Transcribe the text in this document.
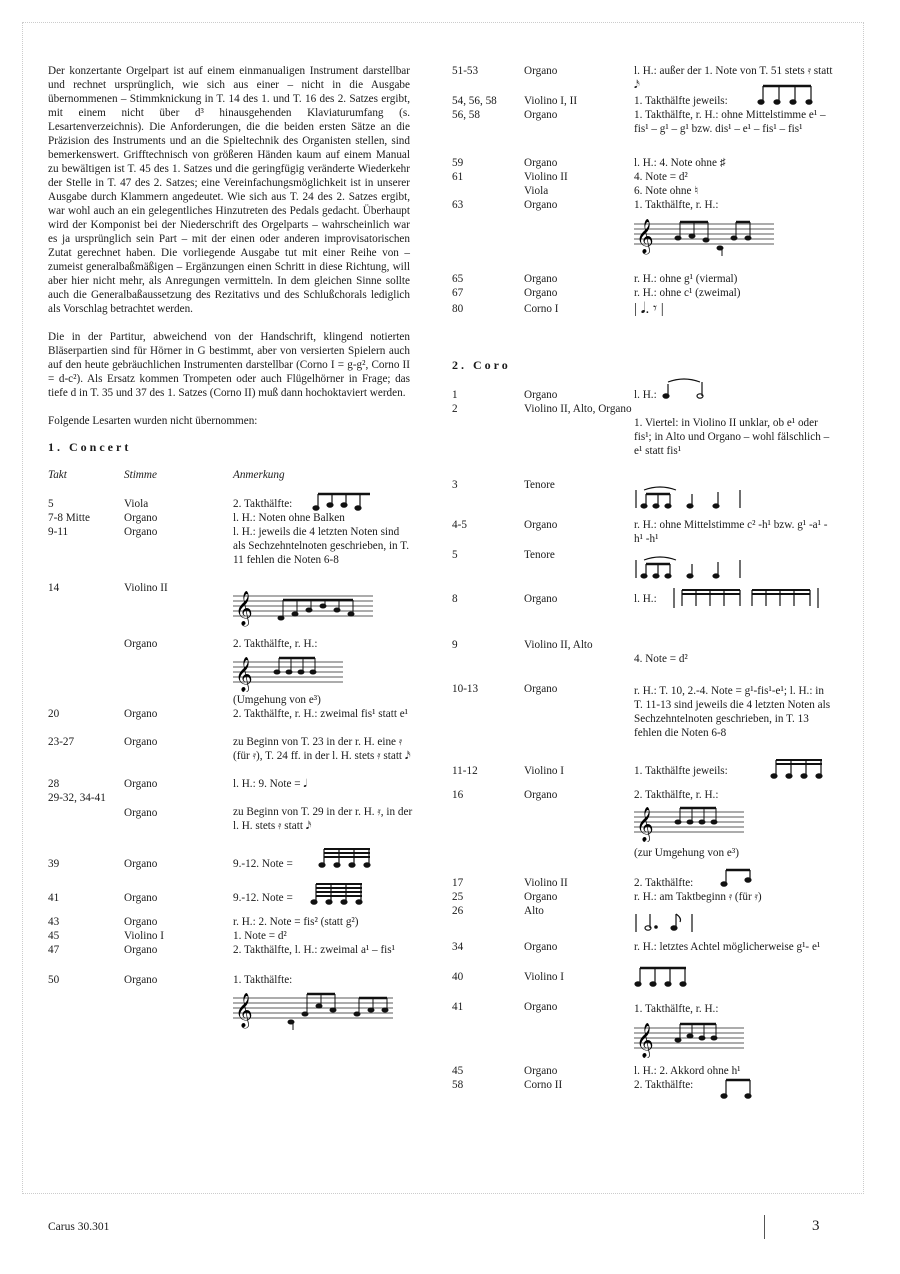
Der konzertante Orgelpart ist auf einem einmanualigen Instrument darstellbar und rechnet ursprünglich, wie sich aus einer – nicht in die Ausgabe übernommenen – Stimmknickung in T. 14 des 1. und T. 16 des 2. Satzes ergibt, mit einem nicht über d³ hinausgehenden Klaviaturumfang (s. Lesartenverzeichnis). Die Anforderungen, die die beiden ersten Sätze an die Präzision des Instruments und an die Spieltechnik des Organisten stellen, sind bemerkenswert. Grifftechnisch von größeren Händen kaum auf einem Manual zu bewältigen ist T. 45 des 1. Satzes und die geringfügig veränderte Wiederkehr der Stelle in T. 47 des 2. Satzes; eine Vereinfachungsmöglichkeit ist in unserer Ausgabe durch Klammern angedeutet. Wie sich aus T. 24 des 2. Satzes ergibt, war wohl auch an ein gelegentliches Hinzutreten des Pedals gedacht. Überhaupt wird der Komponist bei der Niederschrift des Orgelparts – wahrscheinlich war es ja ursprünglich sein Part – mit der einen oder anderen improvisatorischen Zutat gerechnet haben. Die vorliegende Ausgabe tut mit einer Reihe von – zumeist generalbaßmäßigen – Ergänzungen einen Schritt in diese Richtung, will aber hier nicht mehr, als Anregungen vermitteln. In dem gleichen Sinne sollte auch die Generalbaßaussetzung des Rezitativs und des Schlußchorals lediglich als Vorschlag betrachtet werden.

Die in der Partitur, abweichend von der Handschrift, klingend notierten Bläserpartien sind für Hörner in G bestimmt, aber von versierten Spielern auch auf den heute gebräuchlichen Instrumenten darstellbar (Corno I = g-g², Corno II = d-c²). Als Ersatz kommen Trompeten oder auch Flügelhörner in Frage; das tiefe d in T. 35 und 37 des 1. Satzes (Corno II) muß dann hochoktaviert werden.

Folgende Lesarten wurden nicht übernommen:

1. Concert

Takt	Stimme	Anmerkung
5	Viola	2. Takthälfte:
7-8 Mitte	Organo	l. H.: Noten ohne Balken
9-11	Organo	l. H.: jeweils die 4 letzten Noten sind als Sechzehntelnoten geschrieben, in T. 11 fehlen die Noten 6-8
14	Violino II
𝄞
Organo	2. Takthälfte, r. H.:
𝄞
(Umgehung von e³)
20	Organo	2. Takthälfte, r. H.: zweimal fis¹ statt e¹
23-27	Organo	zu Beginn von T. 23 in der r. H. eine 𝄿 (für 𝄿), T. 24 ff. in der l. H. stets 𝄿 statt 𝅘𝅥𝅯
28	Organo	l. H.: 9. Note = 𝅘𝅥
29-32, 34-41
Organo	zu Beginn von T. 29 in der r. H. 𝄿, in der l. H. stets 𝄿 statt 𝅘𝅥𝅯
39	Organo	9.-12. Note =
41	Organo	9.-12. Note =
43	Organo	r. H.: 2. Note = fis² (statt g²)
45	Violino I	1. Note = d²
47	Organo	2. Takthälfte, l. H.: zweimal a¹ – fis¹
50	Organo	1. Takthälfte:
𝄞
51-53	Organo	l. H.: außer der 1. Note von T. 51 stets 𝄿 statt 𝅘𝅥𝅯
54, 56, 58 Violino I, II	1. Takthälfte jeweils:
56, 58	Organo	1. Takthälfte, r. H.: ohne Mittelstimme e¹ – fis¹ – g¹ – g¹ bzw. dis¹ – e¹ – fis¹ – fis¹
59	Organo	l. H.: 4. Note ohne ♯
61	Violino II	4. Note = d²
Viola	6. Note ohne ♮
63	Organo	1. Takthälfte, r. H.:
𝄞
65	Organo	r. H.: ohne g¹ (viermal)
67	Organo	r. H.: ohne c¹ (zweimal)
80	Corno I	| 𝅘𝅥. 𝄾 |

2. Coro

1	Organo	l. H.:
2	Violino II, Alto, Organo
1. Viertel: in Violino II unklar, ob e¹ oder fis¹; in Alto und Organo – wohl fälschlich – e¹ statt fis¹
3	Tenore
4-5	Organo	r. H.: ohne Mittelstimme c² -h¹ bzw. g¹ -a¹ -h¹ -h¹
5	Tenore
8	Organo	l. H.:
9	Violino II, Alto
4. Note = d²
10-13	Organo	r. H.: T. 10, 2.-4. Note = g¹-fis¹-e¹; l. H.: in T. 11-13 sind jeweils die 4 letzten Noten als Sechzehntelnoten geschrieben, in T. 13 fehlen die Noten 6-8
11-12	Violino I	1. Takthälfte jeweils:
16	Organo	2. Takthälfte, r. H.:
𝄞
(zur Umgehung von e³)
17	Violino II	2. Takthälfte:
25	Organo	r. H.: am Taktbeginn 𝄿 (für 𝄿)
26	Alto
34	Organo	r. H.: letztes Achtel möglicherweise g¹- e¹
40	Violino I
41	Organo	1. Takthälfte, r. H.:
𝄞
45	Organo	l. H.: 2. Akkord ohne h¹
58	Corno II	2. Takthälfte:
Carus 30.301	3
